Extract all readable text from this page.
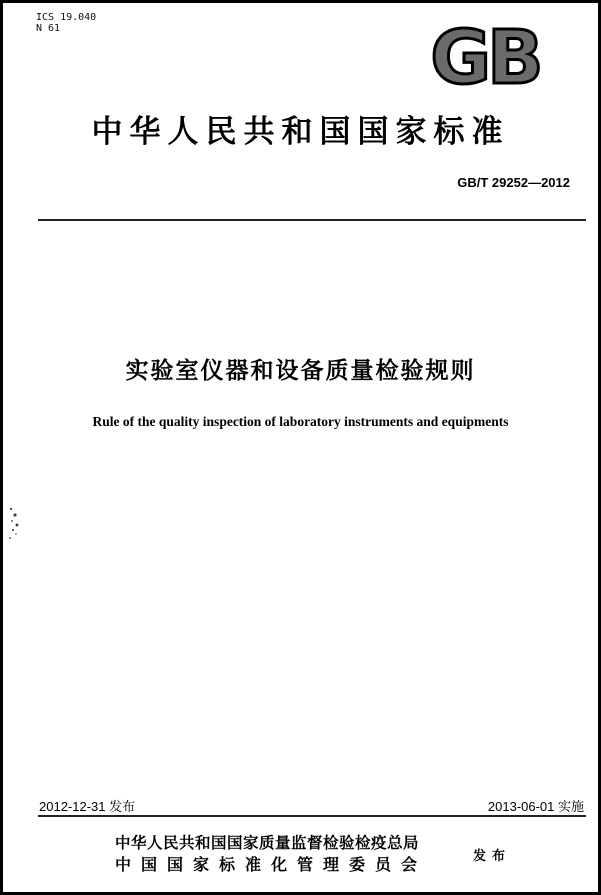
ICS 19.040
N 61	GB
中华人民共和国国家标准
GB/T 29252—2012
实验室仪器和设备质量检验规则
Rule of the quality inspection of laboratory instruments and equipments
2012-12-31 发布	2013-06-01 实施
中华人民共和国国家质量监督检验检疫总局
中国国家标准化管理委员会	发布
